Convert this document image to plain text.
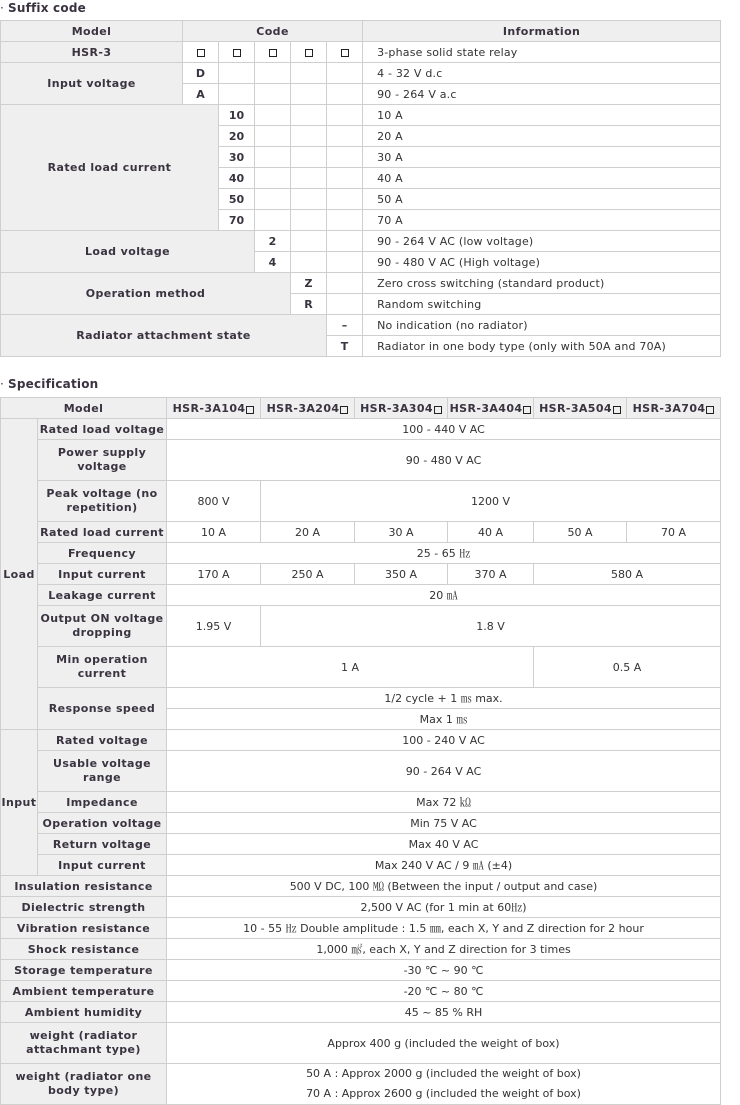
· Suffix code
Model	Code					Information
HSR-3						3-phase solid state relay
Input voltage	D					4 - 32 V d.c
	A					90 - 264 V a.c
Rated load current		10				10 A
		20				20 A
		30				30 A
		40				40 A
		50				50 A
		70				70 A
Load voltage			2			90 - 264 V AC (low voltage)
			4			90 - 480 V AC (High voltage)
Operation method				Z		Zero cross switching (standard product)
				R		Random switching
Radiator attachment state					–	No indication (no radiator)
					T	Radiator in one body type (only with 50A and 70A)
· Specification
Model		HSR-3A104	HSR-3A204	HSR-3A304	HSR-3A404	HSR-3A504	HSR-3A704
Load	Rated load voltage	100 - 440 V AC					
	Power supply voltage	90 - 480 V AC					
	Peak voltage (no repetition)	800 V	1200 V				
	Rated load current	10 A	20 A	30 A	40 A	50 A	70 A
	Frequency	25 - 65 ㎐					
	Input current	170 A	250 A	350 A	370 A	580 A	
	Leakage current	20 ㎃					
	Output ON voltage dropping	1.95 V	1.8 V				
	Min operation current	1 A				0.5 A	
	Response speed	1/2 cycle + 1 ㎳ max.					
		Max 1 ㎳					
Input	Rated voltage	100 - 240 V AC					
	Usable voltage range	90 - 264 V AC					
	Impedance	Max 72 ㏀					
	Operation voltage	Min 75 V AC					
	Return voltage	Max 40 V AC					
	Input current	Max 240 V AC / 9 ㎃ (±4)					
Insulation resistance		500 V DC, 100 ㏁ (Between the input / output and case)					
Dielectric strength		2,500 V AC (for 1 min at 60㎐)					
Vibration resistance		10 - 55 ㎐ Double amplitude : 1.5 ㎜, each X, Y and Z direction for 2 hour					
Shock resistance		1,000 ㎨, each X, Y and Z direction for 3 times					
Storage temperature		-30 ℃ ~ 90 ℃					
Ambient temperature		-20 ℃ ~ 80 ℃					
Ambient humidity		45 ~ 85 % RH					
weight (radiator attachmant type)		Approx 400 g (included the weight of box)					
weight (radiator one body type)		50 A : Approx 2000 g (included the weight of box)
70 A : Approx 2600 g (included the weight of box)					
